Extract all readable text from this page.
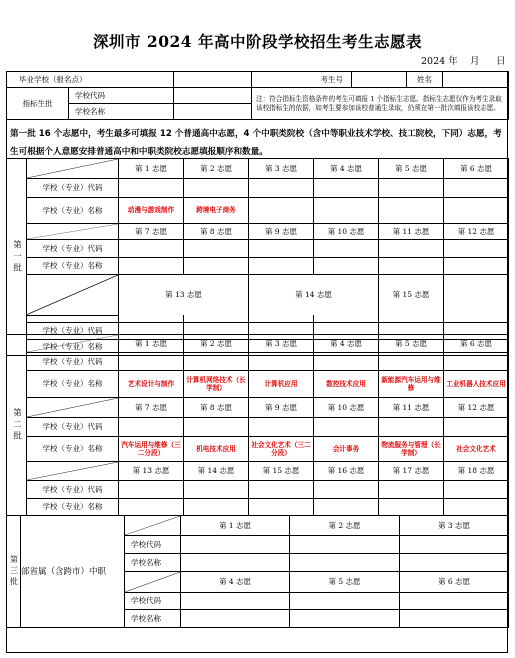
深圳市 2024 年高中阶段学校招生考生志愿表
2024 年 月 日
毕业学校（报名点）			考生号		姓名	
指标生批	学校代码		注：符合指标生资格条件的考生可填报 1 个指标生志愿。指标生志愿仅作为考生录取该校指标生的依据，如考生要参加该校普通生录取，仍须在第一批次填报该校志愿。			
	学校名称					
第一批 16 个志愿中，考生最多可填报 12 个普通高中志愿，4 个中职类院校（含中等职业技术学校、技工院校，下同）志愿，考生可根据个人意愿安排普通高中和中职类院校志愿填报顺序和数量。
第一批		第 1 志愿	第 2 志愿	第 3 志愿	第 4 志愿	第 5 志愿	第 6 志愿	
	学校（专业）代码							
	学校（专业）名称	动漫与游戏制作	跨境电子商务					

	第 7 志愿	第 8 志愿	第 9 志愿	第 10 志愿	第 11 志愿	第 12 志愿	
	学校（专业）代码							
	学校（专业）名称							

	第 13 志愿		第 14 志愿		第 15 志愿		

	学校（专业）代码							
	学校（专业）名称							
第二批		第 1 志愿	第 2 志愿	第 3 志愿	第 4 志愿	第 5 志愿	第 6 志愿
	学校（专业）代码						
	学校（专业）名称	艺术设计与制作	计算机网络技术（长学制）	计算机应用	数控技术应用	新能源汽车运用与维修	工业机器人技术应用

	第 7 志愿	第 8 志愿	第 9 志愿	第 10 志愿	第 11 志愿	第 12 志愿
	学校（专业）代码						
	学校（专业）名称	汽车运用与维修（三二分段）	机电技术应用	社会文化艺术（三二分段）	会计事务	物流服务与管理（长学制）	社会文化艺术

	第 13 志愿	第 14 志愿	第 15 志愿	第 16 志愿	第 17 志愿	第 18 志愿
	学校（专业）代码						
	学校（专业）名称						
第三批	部省属（含跨市）中职		第 1 志愿	第 2 志愿	第 3 志愿
		学校代码			
		学校名称			

	第 4 志愿	第 5 志愿	第 6 志愿
		学校代码			
		学校名称			
